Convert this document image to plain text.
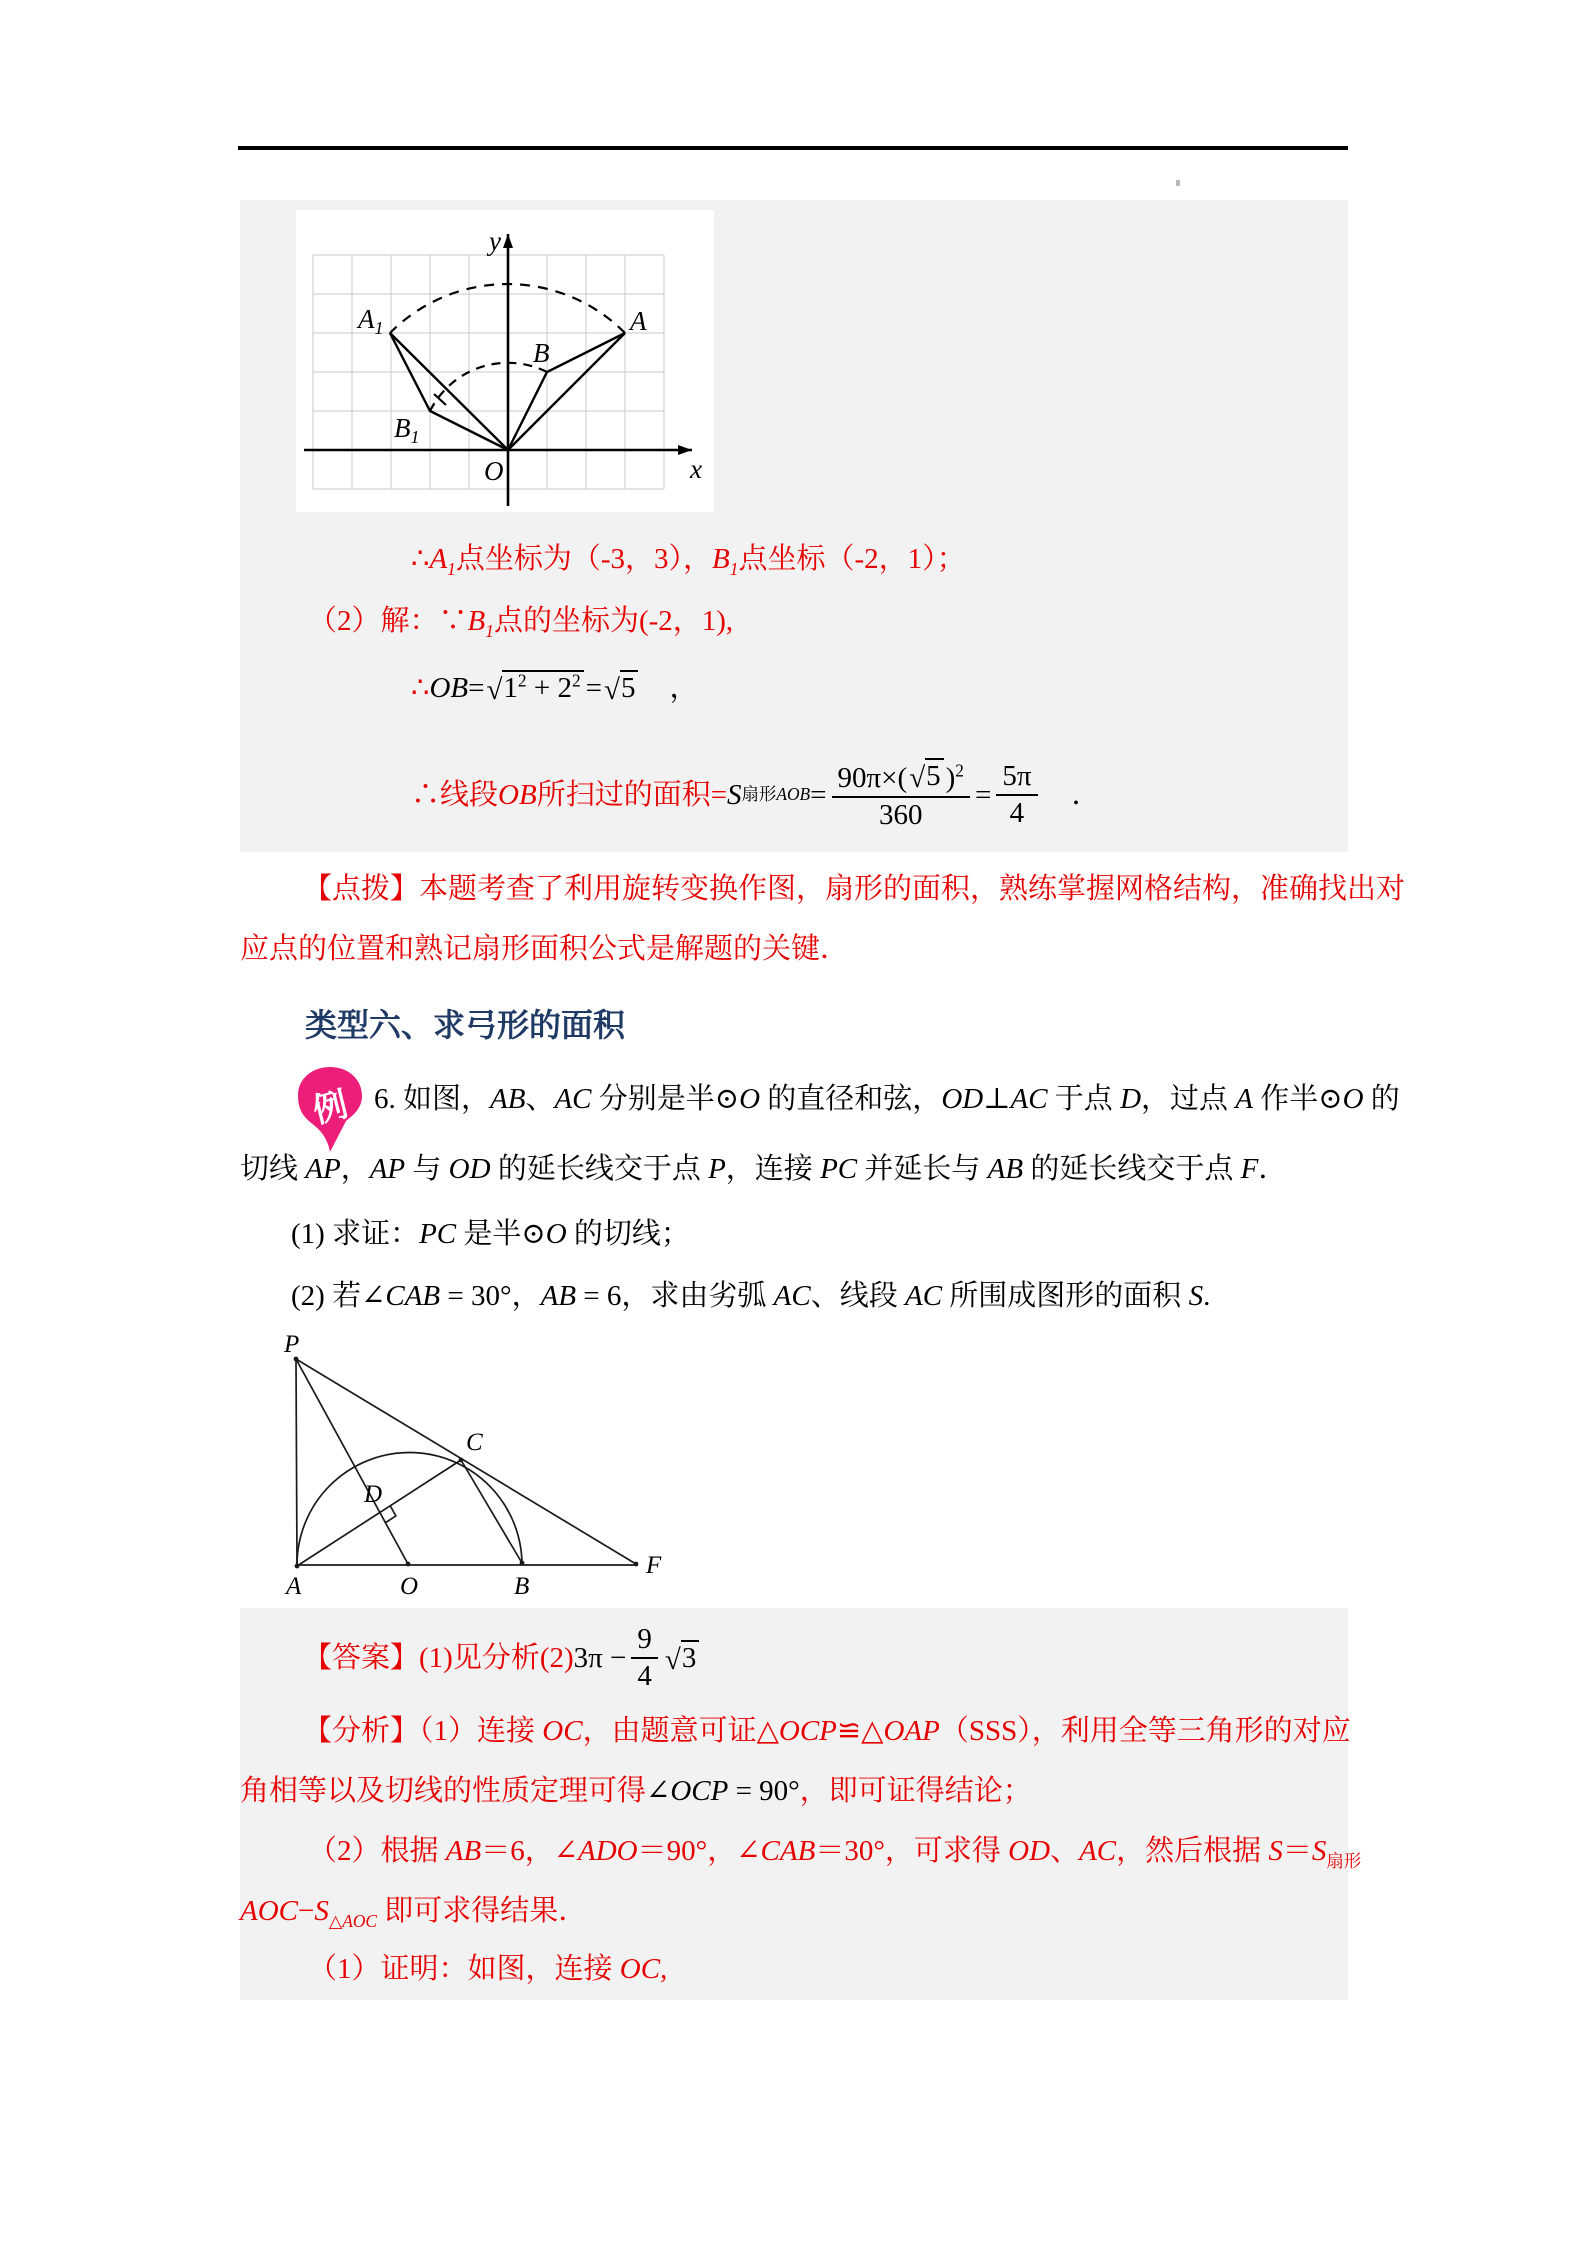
y
x
O
A
$A_1$
B
$B_1$
$\therefore A_1$点坐标为（-3，3），$B_1$点坐标（-2，1）；
（2）解：$\because B_1$点的坐标为(-2，1),
∴ OB = √ $1^2 + 2^2$ = √ 5 　，
∴线段 OB 所扫过的面积= S 扇形 AOB = $\frac{90\pi\times( √ 5 )^2}{360} = \frac{5\pi}{4}$ 　．
【点拨】本题考查了利用旋转变换作图，扇形的面积，熟练掌握网格结构，准确找出对
应点的位置和熟记扇形面积公式是解题的关键．
类型六、求弓形的面积
例 6. 如图，AB、AC 分别是半⊙O 的直径和弦，OD⊥AC 于点 D，过点 A 作半⊙O 的
切线 AP，AP 与 OD 的延长线交于点 P，连接 PC 并延长与 AB 的延长线交于点 F．
(1) 求证：PC 是半⊙O 的切线；
(2) 若∠CAB = 30°，AB = 6，求由劣弧 AC、线段 AC 所围成图形的面积 S.
P
A	O	B
F
C
D
【答案】(1)见分析(2) $3\pi - \frac{9}{4}$ √ 3
【分析】（1）连接 OC，由题意可证△OCP≌△OAP（SSS），利用全等三角形的对应
角相等以及切线的性质定理可得∠OCP = 90°，即可证得结论；
（2）根据 AB＝6，∠ADO＝90°，∠CAB＝30°，可求得 OD、AC，然后根据 $S=S_{扇形}$
$AOC-S_{\triangle AOC}$ 即可求得结果．
（1）证明：如图，连接 OC,
